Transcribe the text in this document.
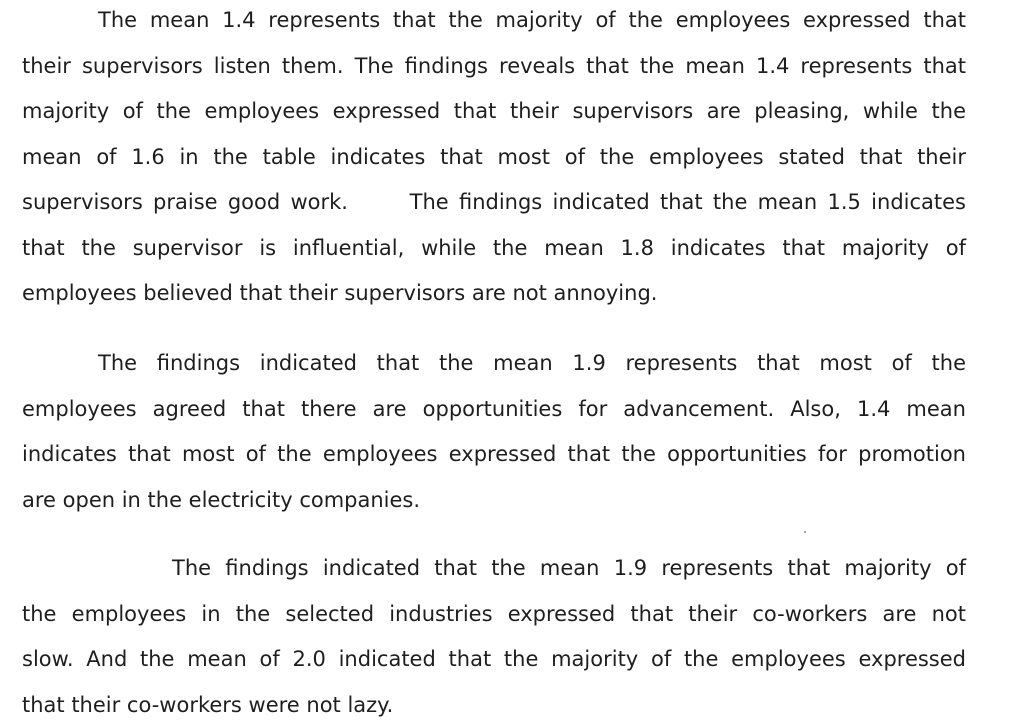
The mean 1.4 represents that the majority of the employees expressed that
their supervisors listen them. The findings reveals that the mean 1.4 represents that
majority of the employees expressed that their supervisors are pleasing, while the
mean of 1.6 in the table indicates that most of the employees stated that their
supervisors praise good work.      The findings indicated that the mean 1.5 indicates
that the supervisor is influential, while the mean 1.8 indicates that majority of
employees believed that their supervisors are not annoying.
The findings indicated that the mean 1.9 represents that most of the
employees agreed that there are opportunities for advancement. Also, 1.4 mean
indicates that most of the employees expressed that the opportunities for promotion
are open in the electricity companies.
The findings indicated that the mean 1.9 represents that majority of
the employees in the selected industries expressed that their co-workers are not
slow. And the mean of 2.0 indicated that the majority of the employees expressed
that their co-workers were not lazy.
